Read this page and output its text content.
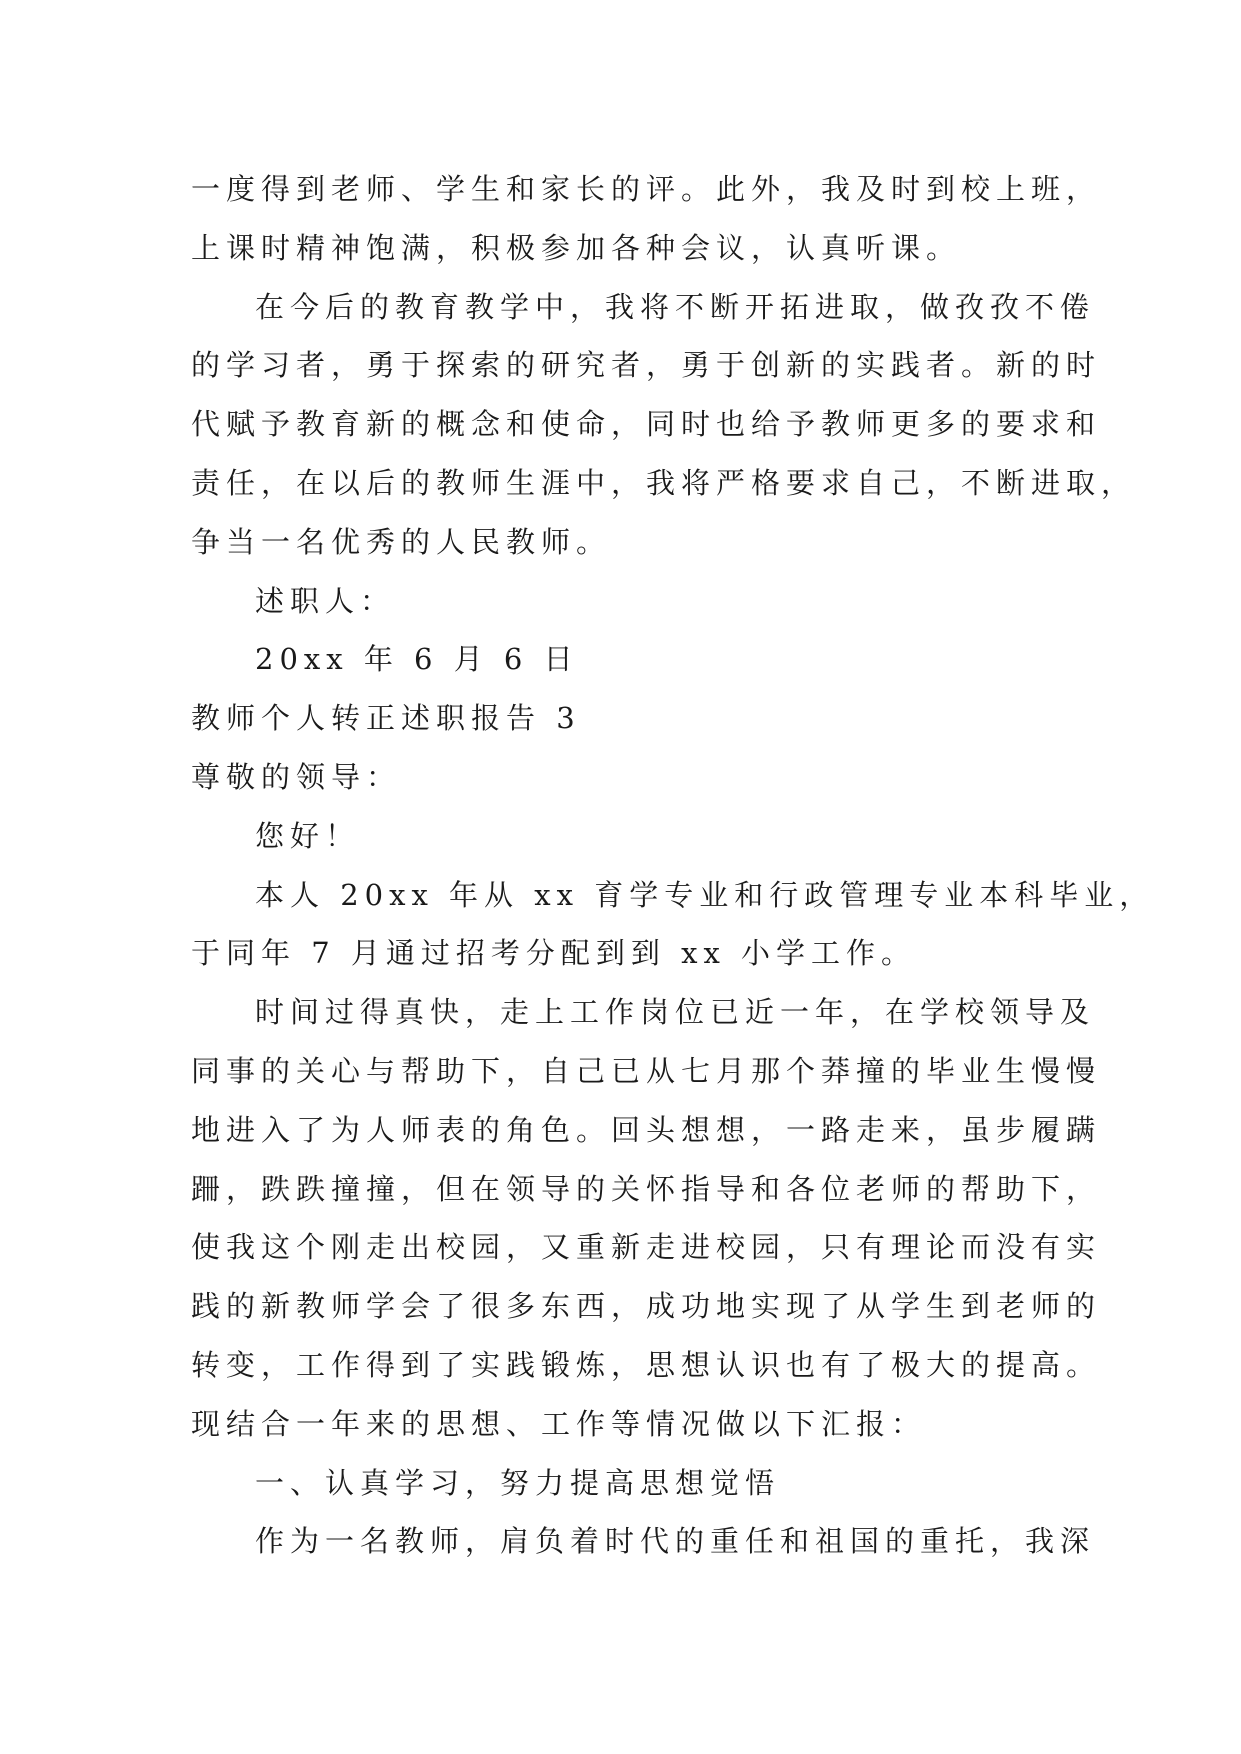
一度得到老师、学生和家长的评。此外，我及时到校上班，
上课时精神饱满，积极参加各种会议，认真听课。
在今后的教育教学中，我将不断开拓进取，做孜孜不倦
的学习者，勇于探索的研究者，勇于创新的实践者。新的时
代赋予教育新的概念和使命，同时也给予教师更多的要求和
责任，在以后的教师生涯中，我将严格要求自己，不断进取，
争当一名优秀的人民教师。
述职人：
20xx 年 6 月 6 日
教师个人转正述职报告 3
尊敬的领导：
您好！
本人 20xx 年从 xx 育学专业和行政管理专业本科毕业，
于同年 7 月通过招考分配到到 xx 小学工作。
时间过得真快，走上工作岗位已近一年，在学校领导及
同事的关心与帮助下，自己已从七月那个莽撞的毕业生慢慢
地进入了为人师表的角色。回头想想，一路走来，虽步履蹒
跚，跌跌撞撞，但在领导的关怀指导和各位老师的帮助下，
使我这个刚走出校园，又重新走进校园，只有理论而没有实
践的新教师学会了很多东西，成功地实现了从学生到老师的
转变，工作得到了实践锻炼，思想认识也有了极大的提高。
现结合一年来的思想、工作等情况做以下汇报：
一、认真学习，努力提高思想觉悟
作为一名教师，肩负着时代的重任和祖国的重托，我深
